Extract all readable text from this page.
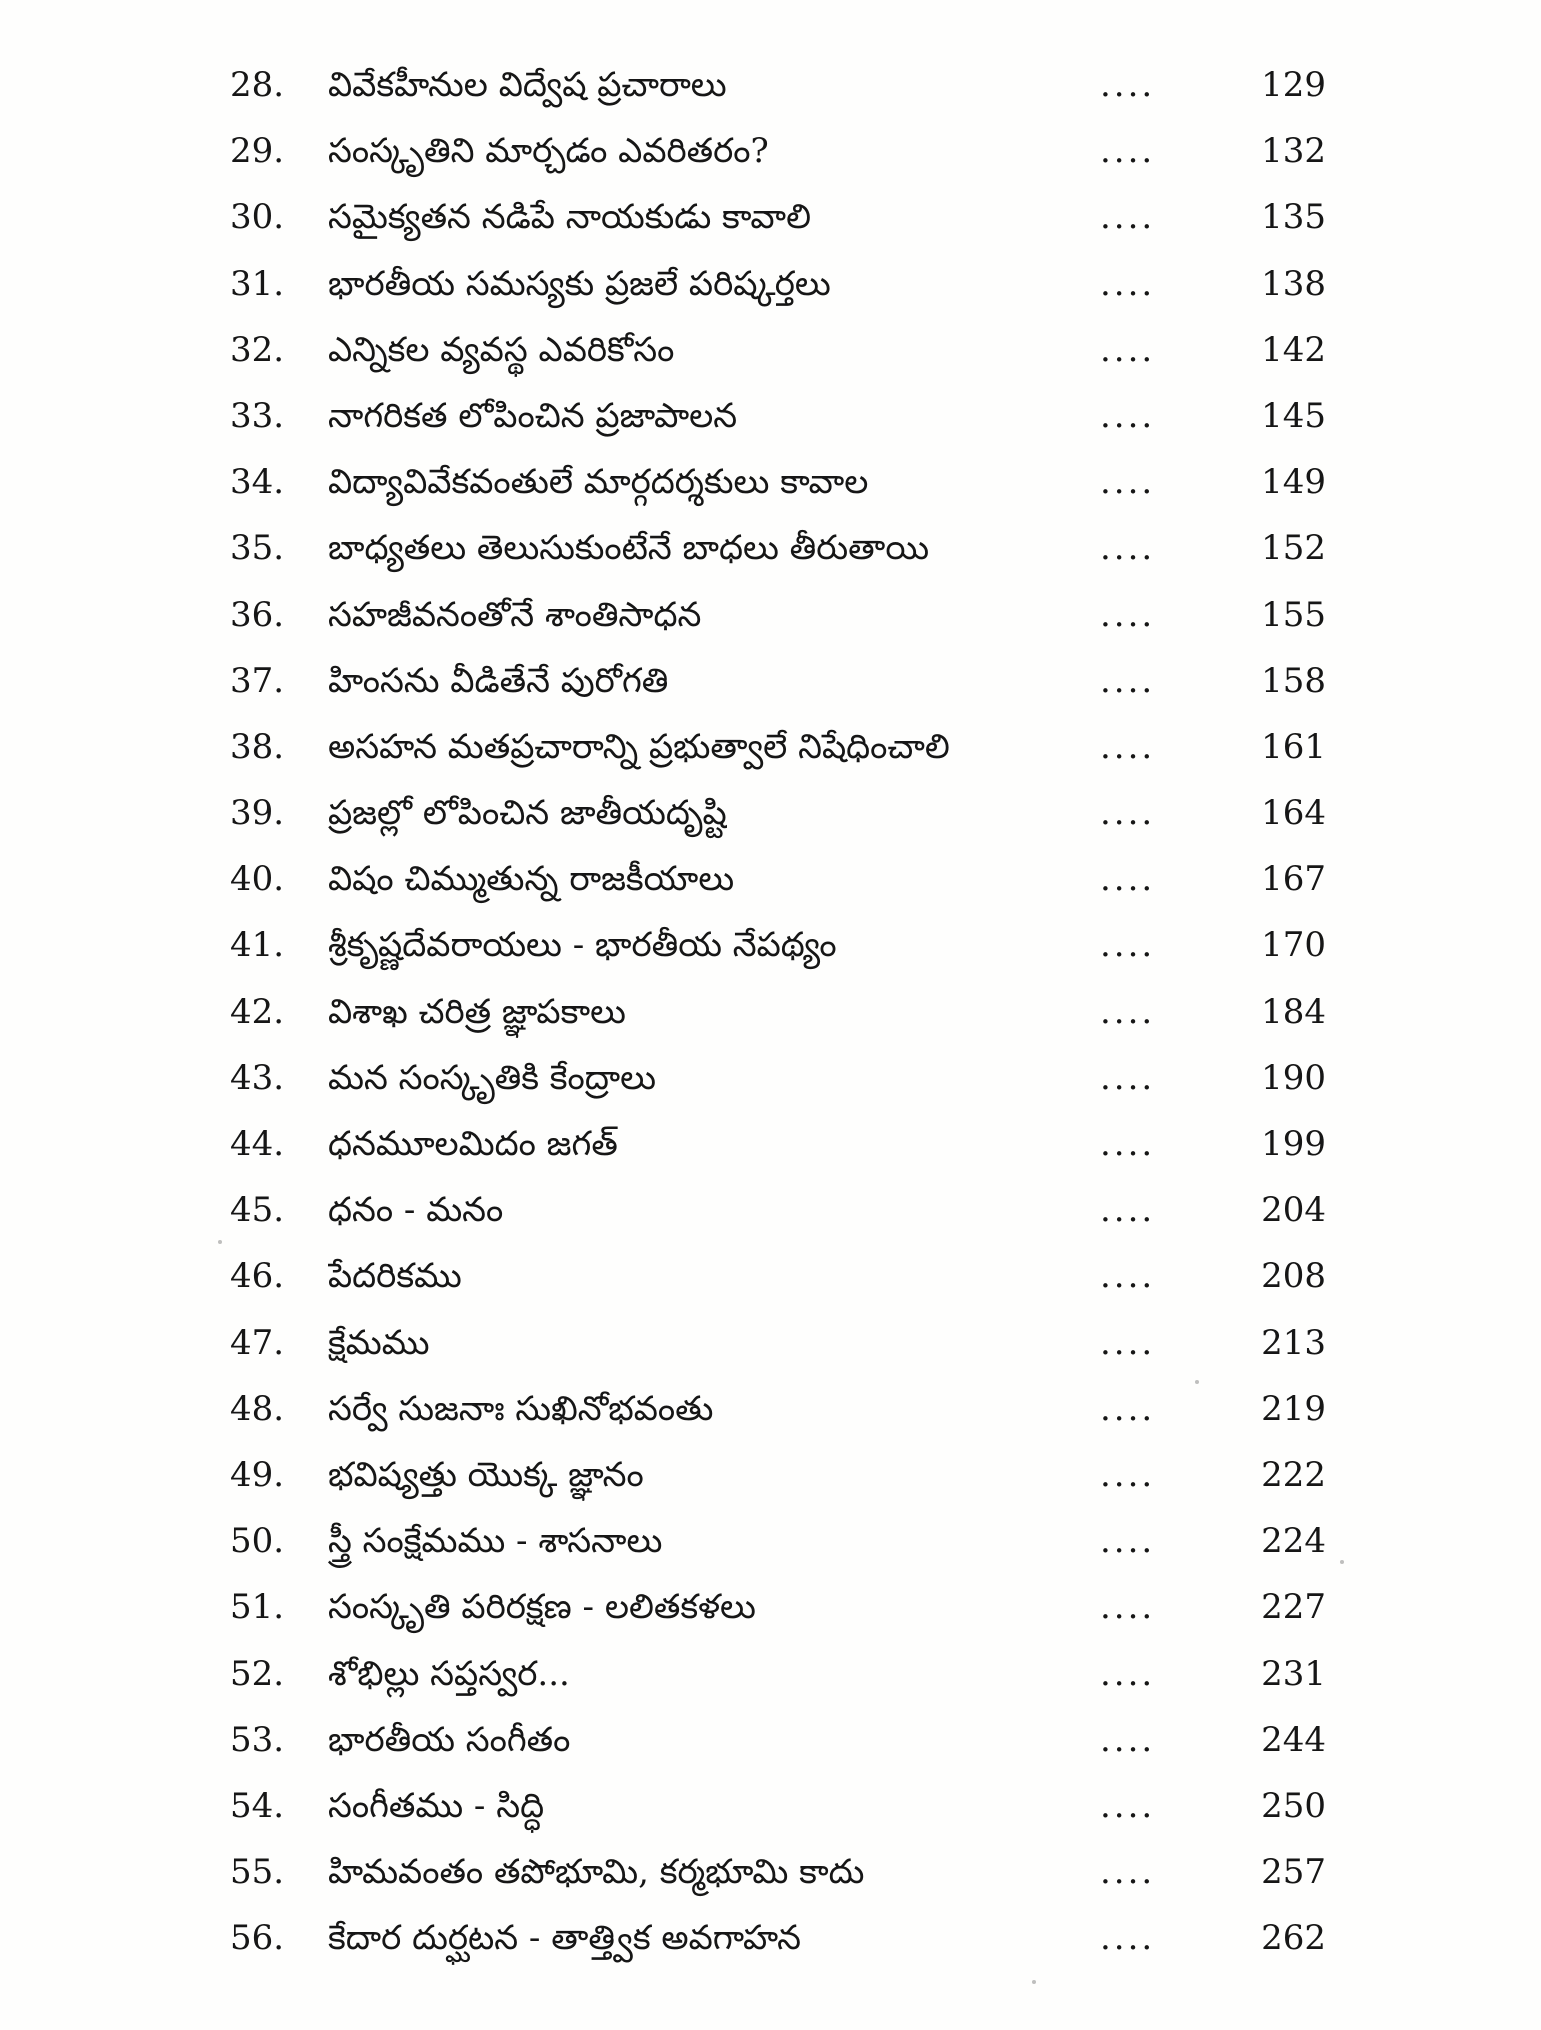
28. వివేకహీనుల విద్వేష ప్రచారాలు	....	129
29. సంస్కృతిని మార్చడం ఎవరితరం?	....	132
30. సమైక్యతన నడిపే నాయకుడు కావాలి	....	135
31. భారతీయ సమస్యకు ప్రజలే పరిష్కర్తలు	....	138
32. ఎన్నికల వ్యవస్థ ఎవరికోసం	....	142
33. నాగరికత లోపించిన ప్రజాపాలన	....	145
34. విద్యావివేకవంతులే మార్గదర్శకులు కావాల	....	149
35. బాధ్యతలు తెలుసుకుంటేనే బాధలు తీరుతాయి	....	152
36. సహజీవనంతోనే శాంతిసాధన	....	155
37. హింసను వీడితేనే పురోగతి	....	158
38. అసహన మతప్రచారాన్ని ప్రభుత్వాలే నిషేధించాలి	....	161
39. ప్రజల్లో లోపించిన జాతీయదృష్టి	....	164
40. విషం చిమ్ముతున్న రాజకీయాలు	....	167
41. శ్రీకృష్ణదేవరాయలు - భారతీయ నేపథ్యం	....	170
42. విశాఖ చరిత్ర జ్ఞాపకాలు	....	184
43. మన సంస్కృతికి కేంద్రాలు	....	190
44. ధనమూలమిదం జగత్	....	199
45. ధనం - మనం	....	204
46. పేదరికము	....	208
47. క్షేమము	....	213
48. సర్వే సుజనాః సుఖినోభవంతు	....	219
49. భవిష్యత్తు యొక్క జ్ఞానం	....	222
50. స్త్రీ సంక్షేమము - శాసనాలు	....	224
51. సంస్కృతి పరిరక్షణ - లలితకళలు	....	227
52. శోభిల్లు సప్తస్వర...	....	231
53. భారతీయ సంగీతం	....	244
54. సంగీతము - సిద్ధి	....	250
55. హిమవంతం తపోభూమి, కర్మభూమి కాదు	....	257
56. కేదార దుర్ఘటన - తాత్త్విక అవగాహన	....	262
